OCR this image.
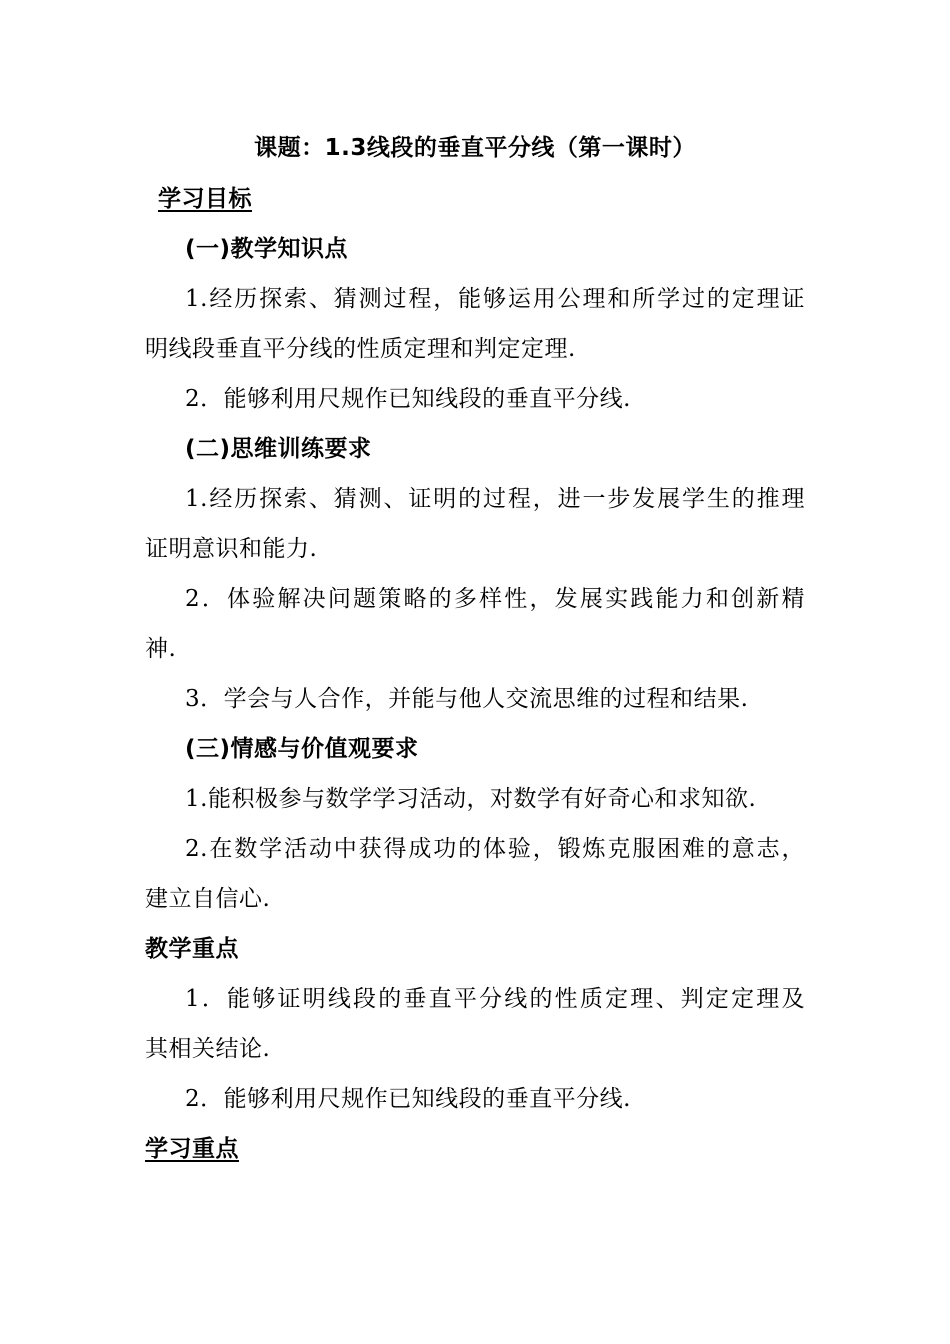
课题：1.3线段的垂直平分线（第一课时）
学习目标
(一)教学知识点
1.经历探索、猜测过程，能够运用公理和所学过的定理证
明线段垂直平分线的性质定理和判定定理.
2．能够利用尺规作已知线段的垂直平分线.
(二)思维训练要求
1.经历探索、猜测、证明的过程，进一步发展学生的推理
证明意识和能力.
2．体验解决问题策略的多样性，发展实践能力和创新精
神.
3．学会与人合作，并能与他人交流思维的过程和结果.
(三)情感与价值观要求
1.能积极参与数学学习活动，对数学有好奇心和求知欲.
2.在数学活动中获得成功的体验，锻炼克服困难的意志，
建立自信心.
教学重点
1．能够证明线段的垂直平分线的性质定理、判定定理及
其相关结论.
2．能够利用尺规作已知线段的垂直平分线.
学习重点
